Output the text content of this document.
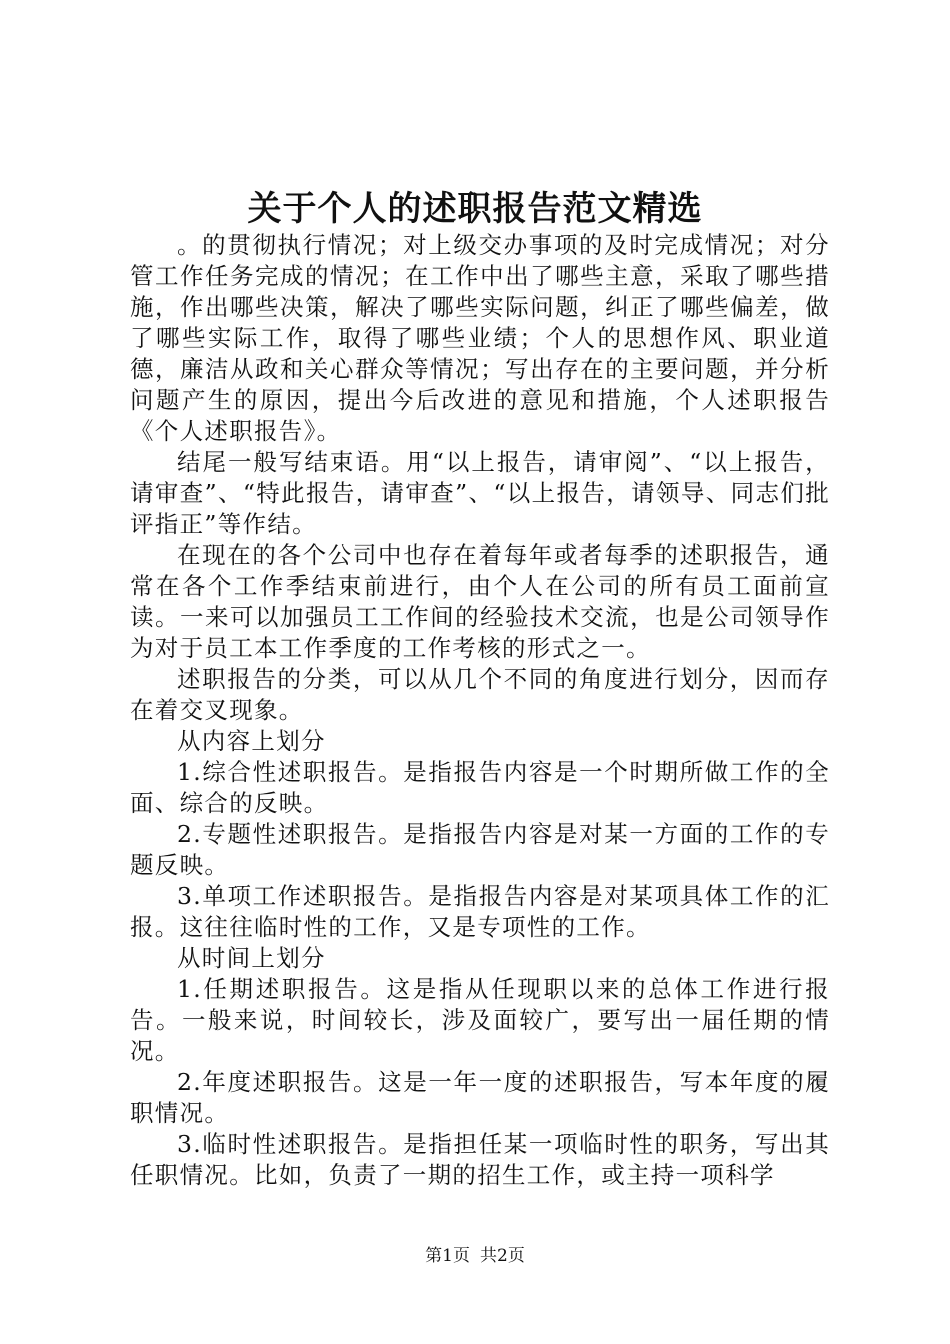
关于个人的述职报告范文精选

。的贯彻执行情况；对上级交办事项的及时完成情况；对分管工作任务完成的情况；在工作中出了哪些主意，采取了哪些措施，作出哪些决策，解决了哪些实际问题，纠正了哪些偏差，做了哪些实际工作，取得了哪些业绩；个人的思想作风、职业道德，廉洁从政和关心群众等情况；写出存在的主要问题，并分析问题产生的原因，提出今后改进的意见和措施，个人述职报告《个人述职报告》。

结尾一般写结束语。用“以上报告，请审阅”、“以上报告，请审查”、“特此报告，请审查”、“以上报告，请领导、同志们批评指正”等作结。

在现在的各个公司中也存在着每年或者每季的述职报告，通常在各个工作季结束前进行，由个人在公司的所有员工面前宣读。一来可以加强员工工作间的经验技术交流，也是公司领导作为对于员工本工作季度的工作考核的形式之一。

述职报告的分类，可以从几个不同的角度进行划分，因而存在着交叉现象。

从内容上划分

1.综合性述职报告。是指报告内容是一个时期所做工作的全面、综合的反映。

2.专题性述职报告。是指报告内容是对某一方面的工作的专题反映。

3.单项工作述职报告。是指报告内容是对某项具体工作的汇报。这往往临时性的工作，又是专项性的工作。

从时间上划分

1.任期述职报告。这是指从任现职以来的总体工作进行报告。一般来说，时间较长，涉及面较广，要写出一届任期的情况。

2.年度述职报告。这是一年一度的述职报告，写本年度的履职情况。

3.临时性述职报告。是指担任某一项临时性的职务，写出其任职情况。比如，负责了一期的招生工作，或主持一项科学

第1页 共2页
